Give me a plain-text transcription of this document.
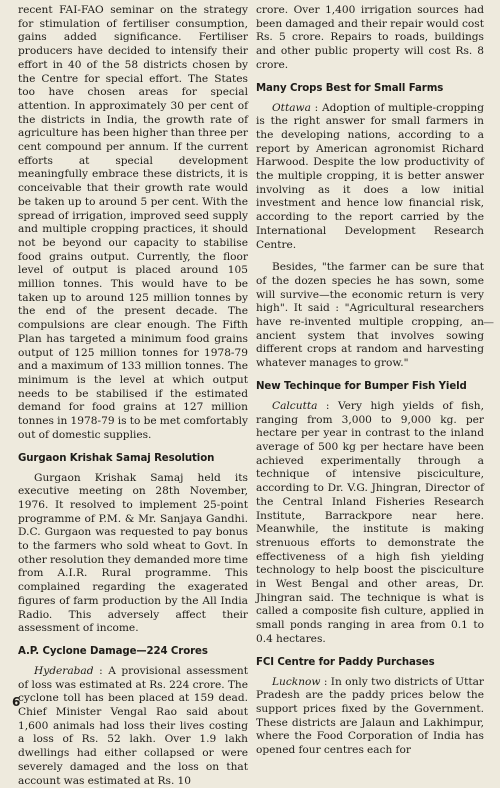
recent FAI-FAO seminar on the strategy for stimulation of fertiliser consumption, gains added significance. Fertiliser producers have decided to intensify their effort in 40 of the 58 districts chosen by the Centre for special effort. The States too have chosen areas for special attention. In approximately 30 per cent of the districts in India, the growth rate of agriculture has been higher than three per cent compound per annum. If the current efforts at special development meaningfully embrace these districts, it is conceivable that their growth rate would be taken up to around 5 per cent. With the spread of irrigation, improved seed supply and multiple cropping practices, it should not be beyond our capacity to stabilise food grains output. Currently, the floor level of output is placed around 105 million tonnes. This would have to be taken up to around 125 million tonnes by the end of the present decade. The compulsions are clear enough. The Fifth Plan has targeted a minimum food grains output of 125 million tonnes for 1978-79 and a maximum of 133 million tonnes. The minimum is the level at which output needs to be stabilised if the estimated demand for food grains at 127 million tonnes in 1978-79 is to be met comfortably out of domestic supplies.

Gurgaon Krishak Samaj Resolution

Gurgaon Krishak Samaj held its executive meeting on 28th November, 1976. It resolved to implement 25-point programme of P.M. & Mr. Sanjaya Gandhi. D.C. Gurgaon was requested to pay bonus to the farmers who sold wheat to Govt. In other resolution they demanded more time from A.I.R. Rural programme. This complained regarding the exagerated figures of farm production by the All India Radio. This adversely affect their assessment of income.

A.P. Cyclone Damage—224 Crores

Hyderabad : A provisional assessment of loss was estimated at Rs. 224 crore. The cyclone toll has been placed at 159 dead. Chief Minister Vengal Rao said about 1,600 animals had loss their lives costing a loss of Rs. 52 lakh. Over 1.9 lakh dwellings had either collapsed or were severely damaged and the loss on that account was estimated at Rs. 10

crore. Over 1,400 irrigation sources had been damaged and their repair would cost Rs. 5 crore. Repairs to roads, buildings and other public property will cost Rs. 8 crore.

Many Crops Best for Small Farms

Ottawa : Adoption of multiple-cropping is the right answer for small farmers in the developing nations, according to a report by American agronomist Richard Harwood. Despite the low productivity of the multiple cropping, it is better answer involving as it does a low initial investment and hence low financial risk, according to the report carried by the International Development Research Centre.

Besides, "the farmer can be sure that of the dozen species he has sown, some will survive—the economic return is very high". It said : "Agricultural researchers have re-invented multiple cropping, an ancient system that involves sowing different crops at random and harvesting whatever manages to grow."

New Techinque for Bumper Fish Yield

Calcutta : Very high yields of fish, ranging from 3,000 to 9,000 kg. per hectare per year in contrast to the inland average of 500 kg per hectare have been achieved experimentally through a technique of intensive pisciculture, according to Dr. V.G. Jhingran, Director of the Central Inland Fisheries Research Institute, Barrackpore near here. Meanwhile, the institute is making strenuous efforts to demonstrate the effectiveness of a high fish yielding technology to help boost the pisciculture in West Bengal and other areas, Dr. Jhingran said. The technique is what is called a composite fish culture, applied in small ponds ranging in area from 0.1 to 0.4 hectares.

FCI Centre for Paddy Purchases

Lucknow : In only two districts of Uttar Pradesh are the paddy prices below the support prices fixed by the Government. These districts are Jalaun and Lakhimpur, where the Food Corporation of India has opened four centres each for

—
6
